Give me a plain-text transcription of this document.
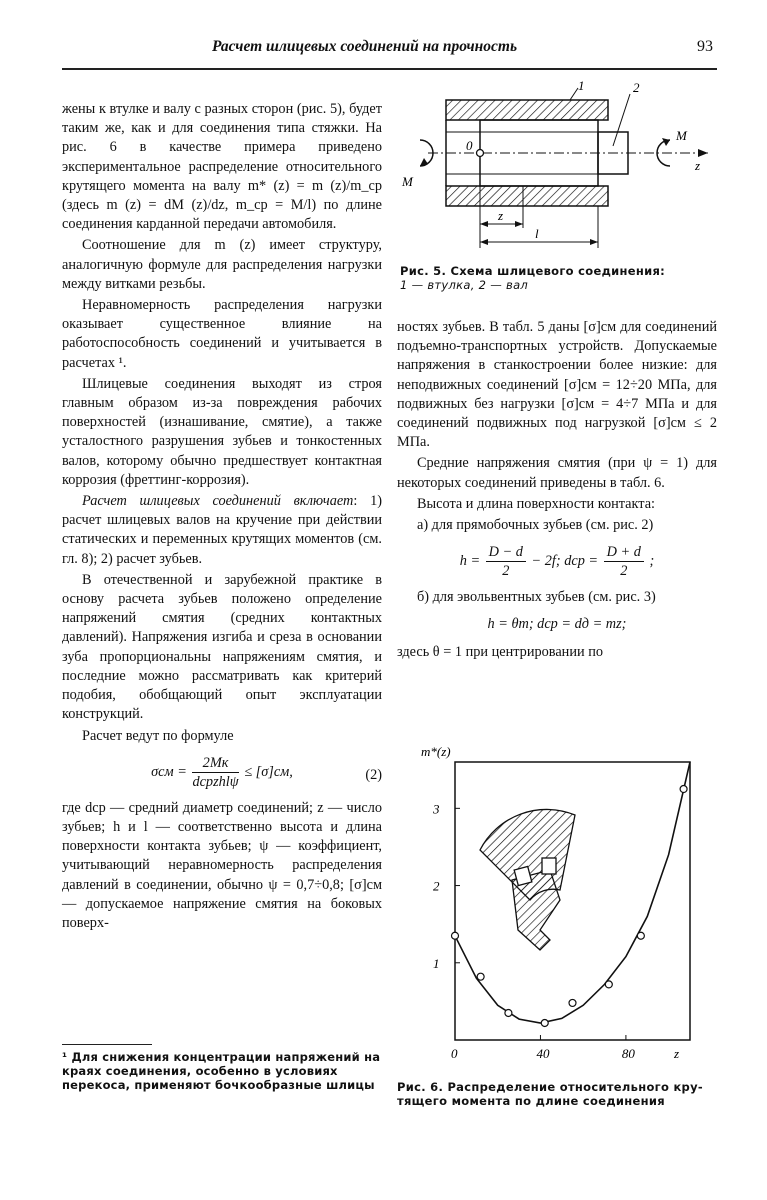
Расчет шлицевых соединений на прочность	93

жены к втулке и валу с разных сторон (рис. 5), будет таким же, как и для соединения типа стяжки. На рис. 6 в качестве примера приведено экспериментальное распределение относительного крутящего момента на валу m* (z) = m (z)/m_cp (здесь m (z) = dM (z)/dz, m_cp = M/l) по длине соединения карданной передачи автомобиля.

Соотношение для m (z) имеет структуру, аналогичную формуле для распределения нагрузки между витками резьбы.

Неравномерность распределения нагрузки оказывает существенное влияние на работоспособность соединений и учитывается в расчетах ¹.

Шлицевые соединения выходят из строя главным образом из-за повреждения рабочих поверхностей (изнашивание, смятие), а также усталостного разрушения зубьев и тонкостенных валов, которому обычно предшествует контактная коррозия (фреттинг-коррозия).

Расчет шлицевых соединений включает: 1) расчет шлицевых валов на кручение при действии статических и переменных крутящих моментов (см. гл. 8); 2) расчет зубьев.

В отечественной и зарубежной практике в основу расчета зубьев положено определение напряжений смятия (средних контактных давлений). Напряжения изгиба и среза в основании зуба пропорциональны напряжениям смятия, и последние можно рассматривать как критерий подобия, обобщающий опыт эксплуатации конструкций.

Расчет ведут по формуле

$\sigma см = \frac{2Mк}{\text{dсрzhlψ}} \le [\sigma]см$,	(2)

где dср — средний диаметр соединений; z — число зубьев; h и l — соответственно высота и длина поверхности контакта зубьев; ψ — коэффициент, учитывающий неравномерность распределения давлений в соединении, обычно ψ = 0,7÷0,8; [σ]см — допускаемое напряжение смятия на боковых поверх-

¹ Для снижения концентрации напряжений на краях соединения, особенно в условиях перекоса, применяют бочкообразные шлицы
1	2
0
M
M
z
z
l
Рис. 5. Схема шлицевого соединения:
1 — втулка, 2 — вал

ностях зубьев. В табл. 5 даны [σ]см для соединений подъемно-транспортных устройств. Допускаемые напряжения в станкостроении более низкие: для неподвижных соединений [σ]см = 12÷20 МПа, для подвижных без нагрузки [σ]см = 4÷7 МПа и для соединений подвижных под нагрузкой [σ]см ≤ 2 МПа.

Средние напряжения смятия (при ψ = 1) для некоторых соединений приведены в табл. 6.

Высота и длина поверхности контакта:

а) для прямобочных зубьев (см. рис. 2)

$h = \frac{D - d}{2} - 2f$; dср = $\frac{D + d}{2}$ ;

б) для эвольвентных зубьев (см. рис. 3)

h = θm; dср = dд = mz;

здесь θ = 1 при центрировании по

0	40	80
1
2
3
m*(z)
z
Рис. 6. Распределение относительного кру-
тящего момента по длине соединения
